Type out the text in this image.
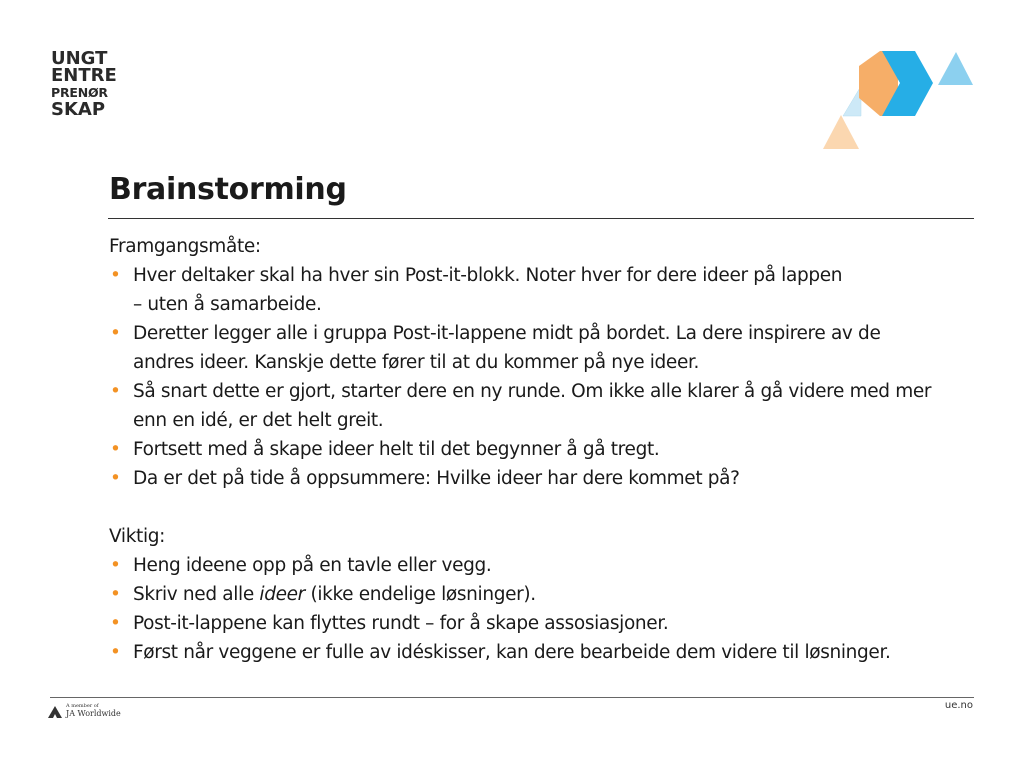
UNGT
ENTRE
PRENØR
SKAP
Brainstorming
Framgangsmåte:
• Hver deltaker skal ha hver sin Post-it-blokk. Noter hver for dere ideer på lappen
– uten å samarbeide.
• Deretter legger alle i gruppa Post-it-lappene midt på bordet. La dere inspirere av de
andres ideer. Kanskje dette fører til at du kommer på nye ideer.
• Så snart dette er gjort, starter dere en ny runde. Om ikke alle klarer å gå videre med mer
enn en idé, er det helt greit.
• Fortsett med å skape ideer helt til det begynner å gå tregt.
• Da er det på tide å oppsummere: Hvilke ideer har dere kommet på?
Viktig:
• Heng ideene opp på en tavle eller vegg.
• Skriv ned alle ideer (ikke endelige løsninger).
• Post-it-lappene kan flyttes rundt – for å skape assosiasjoner.
• Først når veggene er fulle av idéskisser, kan dere bearbeide dem videre til løsninger.
A member of
JA Worldwide
ue.no
